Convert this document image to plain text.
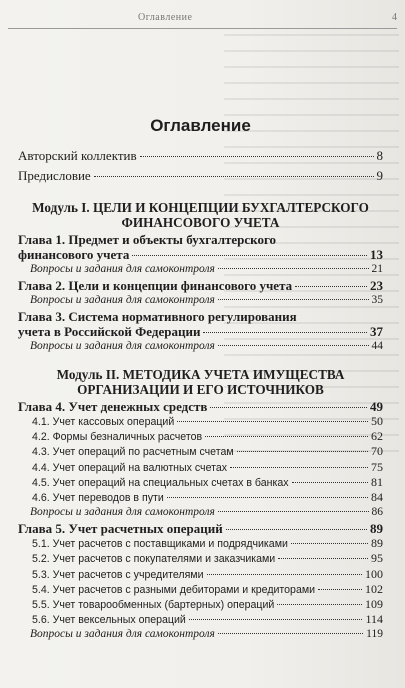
Оглавление	4
Оглавление
Авторский коллектив	8
Предисловие	9
Модуль I. ЦЕЛИ И КОНЦЕПЦИИ БУХГАЛТЕРСКОГО
ФИНАНСОВОГО УЧЕТА
Глава 1. Предмет и объекты бухгалтерского
финансового учета	13
Вопросы и задания для самоконтроля	21
Глава 2. Цели и концепции финансового учета	23
Вопросы и задания для самоконтроля	35
Глава 3. Система нормативного регулирования
учета в Российской Федерации	37
Вопросы и задания для самоконтроля	44
Модуль II. МЕТОДИКА УЧЕТА ИМУЩЕСТВА
ОРГАНИЗАЦИИ И ЕГО ИСТОЧНИКОВ
Глава 4. Учет денежных средств	49
4.1. Учет кассовых операций	50
4.2. Формы безналичных расчетов	62
4.3. Учет операций по расчетным счетам	70
4.4. Учет операций на валютных счетах	75
4.5. Учет операций на специальных счетах в банках	81
4.6. Учет переводов в пути	84
Вопросы и задания для самоконтроля	86
Глава 5. Учет расчетных операций	89
5.1. Учет расчетов с поставщиками и подрядчиками	89
5.2. Учет расчетов с покупателями и заказчиками	95
5.3. Учет расчетов с учредителями	100
5.4. Учет расчетов с разными дебиторами и кредиторами	102
5.5. Учет товарообменных (бартерных) операций	109
5.6. Учет вексельных операций	114
Вопросы и задания для самоконтроля	119
